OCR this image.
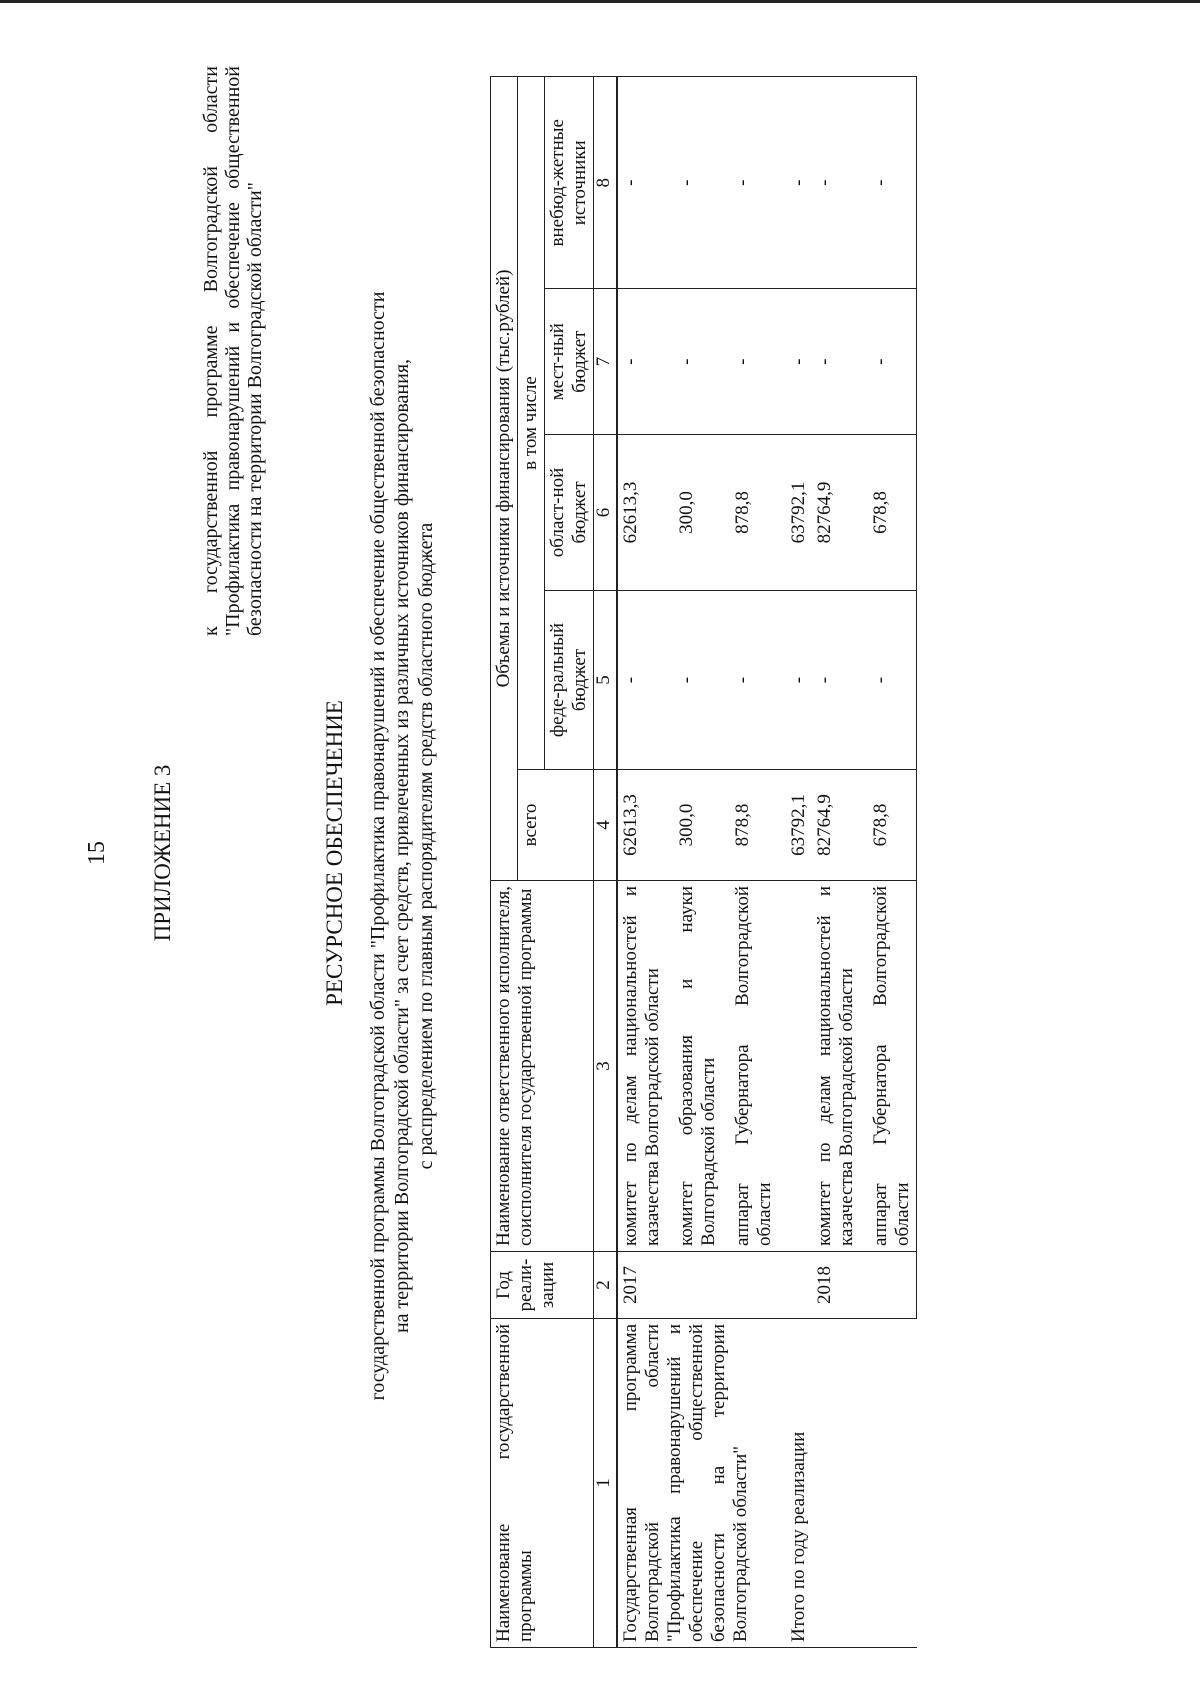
15 ПРИЛОЖЕНИЕ 3
к государственной программе Волгоградской области "Профилактика правонарушений и обеспечение общественной безопасности на территории Волгоградской области"
РЕСУРСНОЕ ОБЕСПЕЧЕНИЕ государственной программы Волгоградской области "Профилактика правонарушений и обеспечение общественной безопасности на территории Волгоградской области" за счет средств, привлеченных из различных источников финансирования, с распределением по главным распорядителям средств областного бюджета
Наименование государственной программы	Год реали-зации	Наименование ответственного исполнителя, соисполнителя государственной программы	Объемы и источники финансирования (тыс.рублей)				
			всего	в том числе			
				феде-ральный бюджет	област-ной бюджет	мест-ный бюджет	внебюд-жетные источники
1	2	3	4	5	6	7	8
Государственная программа Волгоградской области "Профилактика правонарушений и обеспечение общественной безопасности на территории Волгоградской области"	2017	комитет по делам национальностей и казачества Волгоградской области	62613,3	-	62613,3	-	-
		комитет образования и науки Волгоградской области	300,0	-	300,0	-	-
		аппарат Губернатора Волгоградской области	878,8	-	878,8	-	-
Итого по году реализации			63792,1	-	63792,1	-	-
	2018	комитет по делам национальностей и казачества Волгоградской области	82764,9	-	82764,9	-	-
		аппарат Губернатора Волгоградской области	678,8	-	678,8	-	-
